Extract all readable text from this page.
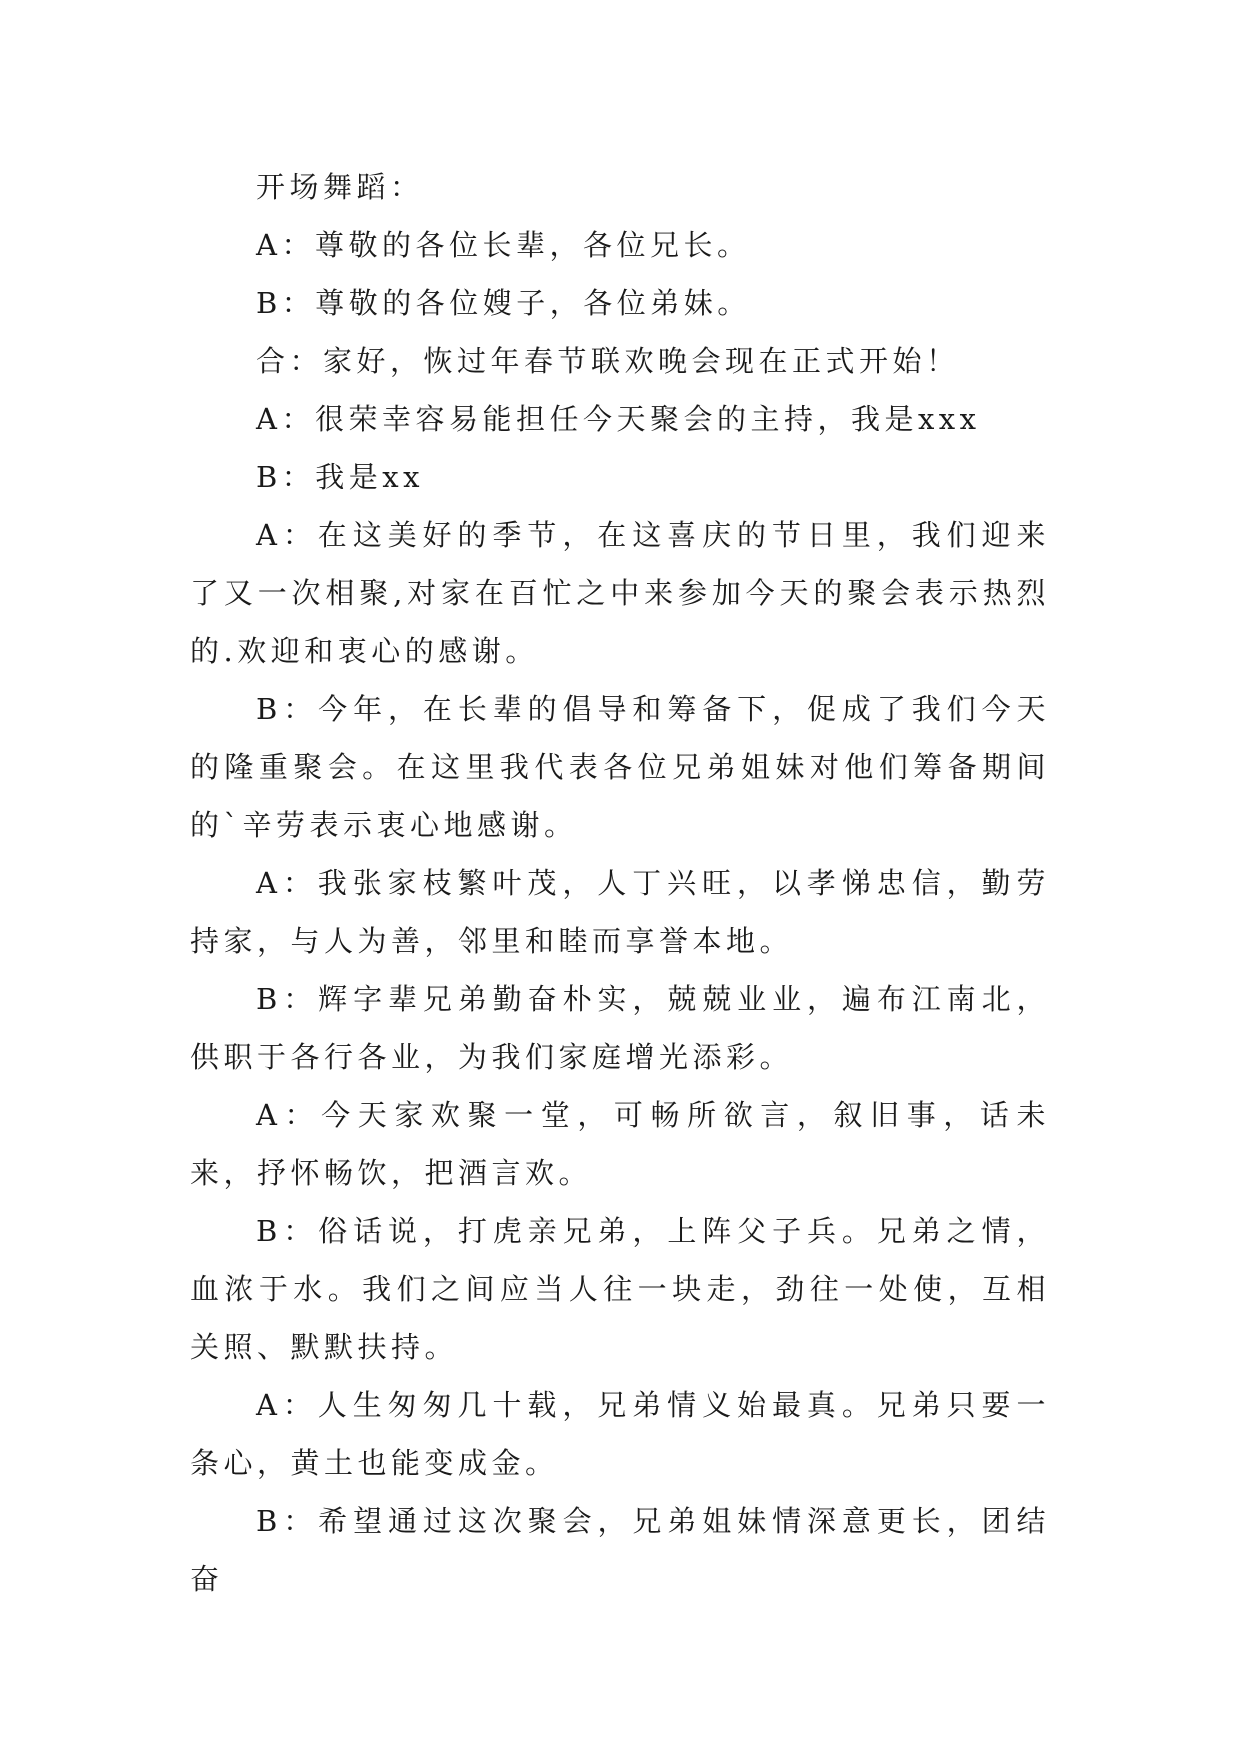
开场舞蹈：

A：尊敬的各位长辈，各位兄长。

B：尊敬的各位嫂子，各位弟妹。

合：家好，恢过年春节联欢晚会现在正式开始！

A：很荣幸容易能担任今天聚会的主持，我是xxx

B：我是xx

A：在这美好的季节，在这喜庆的节日里，我们迎来了又一次相聚,对家在百忙之中来参加今天的聚会表示热烈的.欢迎和衷心的感谢。

B：今年，在长辈的倡导和筹备下，促成了我们今天的隆重聚会。在这里我代表各位兄弟姐妹对他们筹备期间的`辛劳表示衷心地感谢。

A：我张家枝繁叶茂，人丁兴旺，以孝悌忠信，勤劳持家，与人为善，邻里和睦而享誉本地。

B：辉字辈兄弟勤奋朴实，兢兢业业，遍布江南北，供职于各行各业，为我们家庭增光添彩。

A：今天家欢聚一堂，可畅所欲言，叙旧事，话未来，抒怀畅饮，把酒言欢。

B：俗话说，打虎亲兄弟，上阵父子兵。兄弟之情，血浓于水。我们之间应当人往一块走，劲往一处使，互相关照、默默扶持。

A：人生匆匆几十载，兄弟情义始最真。兄弟只要一条心，黄土也能变成金。

B：希望通过这次聚会，兄弟姐妹情深意更长，团结奋
